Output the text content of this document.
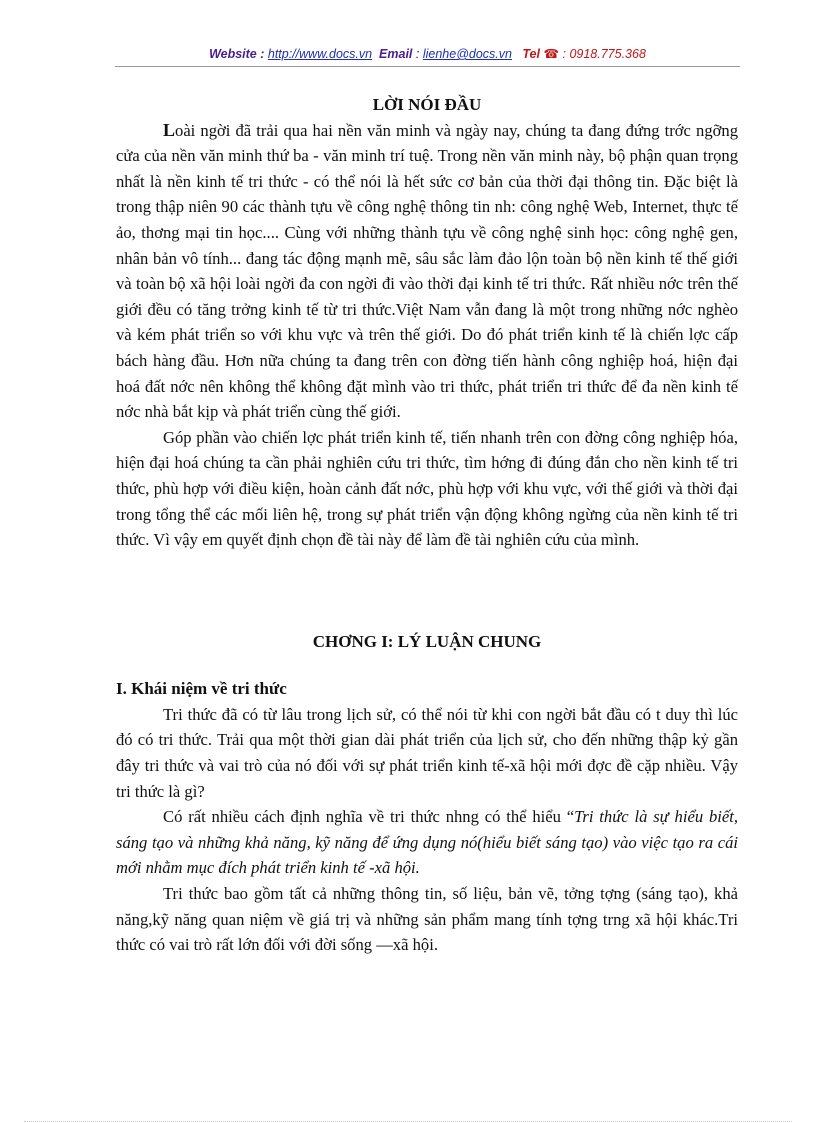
Website : http://www.docs.vn Email : lienhe@docs.vn Tel ☎ : 0918.775.368

LỜI NÓI ĐẦU

Loài ngời đã trải qua hai nền văn minh và ngày nay, chúng ta đang đứng trớc ngỡng cửa của nền văn minh thứ ba - văn minh trí tuệ. Trong nền văn minh này, bộ phận quan trọng nhất là nền kinh tế tri thức - có thể nói là hết sức cơ bản của thời đại thông tin. Đặc biệt là trong thập niên 90 các thành tựu về công nghệ thông tin nh: công nghệ Web, Internet, thực tế ảo, thơng mại tin học.... Cùng với những thành tựu về công nghệ sinh học: công nghệ gen, nhân bản vô tính... đang tác động mạnh mẽ, sâu sắc làm đảo lộn toàn bộ nền kinh tế thế giới và toàn bộ xã hội loài ngời đa con ngời đi vào thời đại kinh tế tri thức. Rất nhiều nớc trên thế giới đều có tăng trởng kinh tế từ tri thức.Việt Nam vẫn đang là một trong những nớc nghèo và kém phát triển so với khu vực và trên thế giới. Do đó phát triển kinh tế là chiến lợc cấp bách hàng đầu. Hơn nữa chúng ta đang trên con đờng tiến hành công nghiệp hoá, hiện đại hoá đất nớc nên không thể không đặt mình vào tri thức, phát triển tri thức để đa nền kinh tế nớc nhà bắt kịp và phát triển cùng thế giới.

Góp phần vào chiến lợc phát triển kinh tế, tiến nhanh trên con đờng công nghiệp hóa, hiện đại hoá chúng ta cần phải nghiên cứu tri thức, tìm hớng đi đúng đắn cho nền kinh tế tri thức, phù hợp với điều kiện, hoàn cảnh đất nớc, phù hợp với khu vực, với thế giới và thời đại trong tổng thể các mối liên hệ, trong sự phát triển vận động không ngừng của nền kinh tế tri thức. Vì vậy em quyết định chọn đề tài này để làm đề tài nghiên cứu của mình.

CHƠNG I: LÝ LUẬN CHUNG

I. Khái niệm về tri thức

Tri thức đã có từ lâu trong lịch sử, có thể nói từ khi con ngời bắt đầu có t duy thì lúc đó có tri thức. Trải qua một thời gian dài phát triển của lịch sử, cho đến những thập kỷ gần đây tri thức và vai trò của nó đối với sự phát triển kinh tế-xã hội mới đợc đề cặp nhiều. Vậy tri thức là gì?

Có rất nhiều cách định nghĩa về tri thức nhng có thể hiểu “Tri thức là sự hiểu biết, sáng tạo và những khả năng, kỹ năng để ứng dụng nó(hiểu biết sáng tạo) vào việc tạo ra cái mới nhằm mục đích phát triển kinh tế -xã hội.

Tri thức bao gồm tất cả những thông tin, số liệu, bản vẽ, tởng tợng (sáng tạo), khả năng,kỹ năng quan niệm về giá trị và những sản phẩm mang tính tợng trng xã hội khác.Tri thức có vai trò rất lớn đối với đời sống —xã hội.
